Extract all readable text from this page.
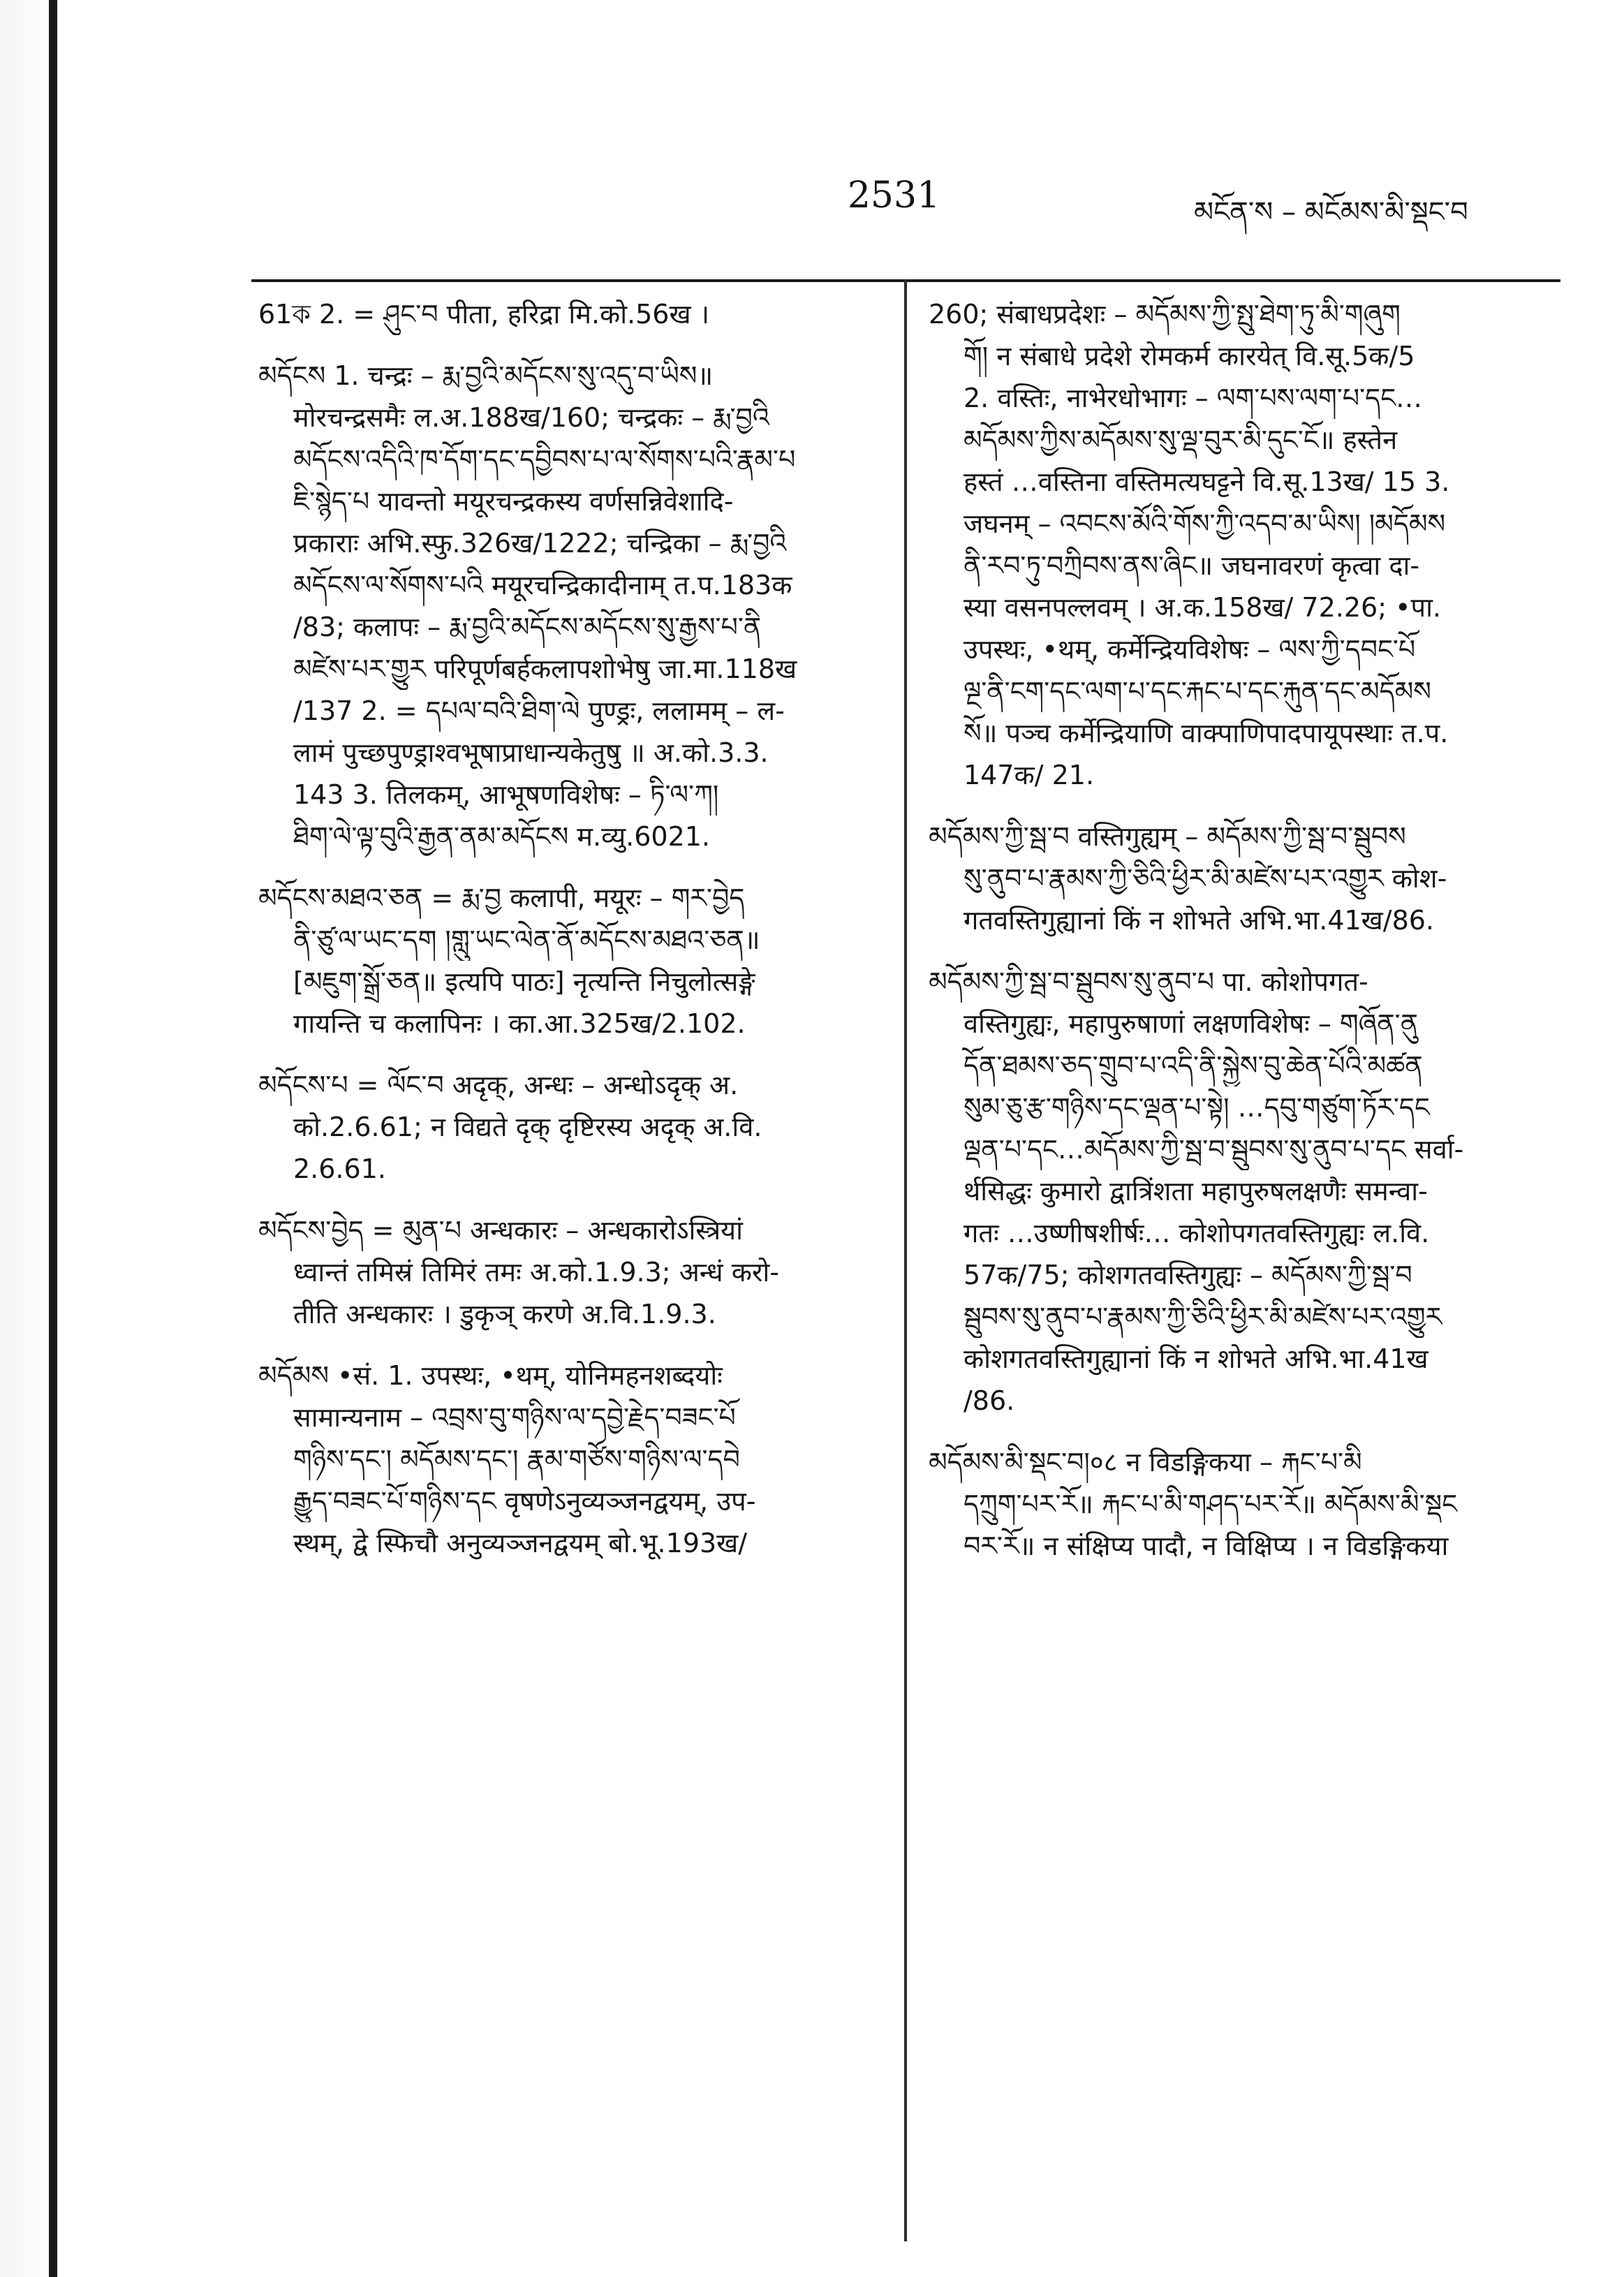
2531	མངོན་ས – མངོམས་མི་སྡང་བ
61ক 2. = ཤུང་བ पीता, हरिद्रा मि.को.56ख ।
མདོངས 1. चन्द्रः – རྨ་བྱའི་མདོངས་སུ་འདུ་བ་ཡིས॥
मोरचन्द्रसमैः ल.अ.188ख/160; चन्द्रकः – རྨ་བྱའི
མདོངས་འདིའི་ཁ་དོག་དང་དབྱིབས་པ་ལ་སོགས་པའི་རྣམ་པ
ཇི་སྙེད་པ यावन्तो मयूरचन्द्रकस्य वर्णसन्निवेशादि-
प्रकाराः अभि.स्फु.326ख/1222; चन्द्रिका – རྨ་བྱའི
མདོངས་ལ་སོགས་པའི मयूरचन्द्रिकादीनाम् त.प.183क
/83; कलापः – རྨ་བྱའི་མདོངས་མདོངས་སུ་རྒྱས་པ་ནི
མཛེས་པར་གྱུར परिपूर्णबर्हकलापशोभेषु जा.मा.118ख
/137 2. = དཔལ་བའི་ཐིག་ལེ पुण्ड्रः, ललामम् – ल-
लामं पुच्छपुण्ड्राश्वभूषाप्राधान्यकेतुषु ॥ अ.को.3.3.
143 3. तिलकम्, आभूषणविशेषः – ཏི་ལ་ཀ།
ཐིག་ལེ་ལྟ་བུའི་རྒྱན་ནམ་མདོངས म.व्यु.6021.
མདོངས་མཐའ་ཅན = རྨ་བྱ कलापी, मयूरः – གར་བྱེད
ནི་ཙུ་ལ་ཡང་དག །གླུ་ཡང་ལེན་ནོ་མདོངས་མཐའ་ཅན॥
[མཇུག་སྒྲོ་ཅན॥ इत्यपि पाठः] नृत्यन्ति निचुलोत्सङ्गे
गायन्ति च कलापिनः । का.आ.325ख/2.102.
མདོངས་པ = ལོང་བ अदृक्, अन्धः – अन्धोऽदृक् अ.
को.2.6.61; न विद्यते दृक् दृष्टिरस्य अदृक् अ.वि.
2.6.61.
མདོངས་བྱེད = མུན་པ अन्धकारः – अन्धकारोऽस्त्रियां
ध्वान्तं तमिस्रं तिमिरं तमः अ.को.1.9.3; अन्धं करो-
तीति अन्धकारः । डुकृञ् करणे अ.वि.1.9.3.
མདོམས •सं. 1. उपस्थः, •थम्, योनिमहनशब्दयोः
सामान्यनाम – འབྲས་བུ་གཉིས་ལ་དབྱེ་རྗེད་བཟང་པོ
གཉིས་དང་། མདོམས་དང་། རྣམ་གཙོས་གཉིས་ལ་དབེ
རྒྱུད་བཟང་པོ་གཉིས་དང वृषणेऽनुव्यञ्जनद्वयम्, उप-
स्थम्, द्वे स्फिचौ अनुव्यञ्जनद्वयम् बो.भू.193ख/
260; संबाधप्रदेशः – མདོམས་ཀྱི་སྤུ་ཐེག་ཏུ་མི་གཞུག
གོ། न संबाधे प्रदेशे रोमकर्म कारयेत् वि.सू.5क/5
2. वस्तिः, नाभेरधोभागः – ལག་པས་ལག་པ་དང…
མདོམས་ཀྱིས་མདོམས་སུ་ལྡ་བུར་མི་དུང་ངོ॥ हस्तेन
हस्तं …वस्तिना वस्तिमत्यघट्टने वि.सू.13ख/ 15 3.
जघनम् – འབངས་མོའི་གོས་ཀྱི་འདབ་མ་ཡིས། །མདོམས
ནི་རབ་ཏུ་བཀྲིབས་ནས་ཞིང॥ जघनावरणं कृत्वा दा-
स्या वसनपल्लवम् । अ.क.158ख/ 72.26; •पा.
उपस्थः, •थम्, कर्मेन्द्रियविशेषः – ལས་ཀྱི་དབང་པོ
ལྔ་ནི་ངག་དང་ལག་པ་དང་རྐང་པ་དང་རྐུན་དང་མདོམས
སོ॥ पञ्च कर्मेन्द्रियाणि वाक्पाणिपादपायूपस्थाः त.प.
147क/ 21.
མདོམས་ཀྱི་སྦ་བ वस्तिगुह्यम् – མདོམས་ཀྱི་སྦ་བ་སྦུབས
སུ་ནུབ་པ་རྣམས་ཀྱི་ཅིའི་ཕྱིར་མི་མཛེས་པར་འགྱུར कोश-
गतवस्तिगुह्यानां किं न शोभते अभि.भा.41ख/86.
མདོམས་ཀྱི་སྦ་བ་སྦུབས་སུ་ནུབ་པ पा. कोशोपगत-
वस्तिगुह्यः, महापुरुषाणां लक्षणविशेषः – གཞོན་ནུ
དོན་ཐམས་ཅད་གྲུབ་པ་འདི་ནི་སྐྱེས་བུ་ཆེན་པོའི་མཚན
སུམ་ཅུ་རྩ་གཉིས་དང་ལྡན་པ་སྟེ། …དབུ་གཙུག་ཏོར་དང
ལྡན་པ་དང…མདོམས་ཀྱི་སྦ་བ་སྦུབས་སུ་ནུབ་པ་དང सर्वा-
र्थसिद्धः कुमारो द्वात्रिंशता महापुरुषलक्षणैः समन्वा-
गतः …उष्णीषशीर्षः… कोशोपगतवस्तिगुह्यः ल.वि.
57क/75; कोशगतवस्तिगुह्यः – མདོམས་ཀྱི་སྦ་བ
སྦུབས་སུ་ནུབ་པ་རྣམས་ཀྱི་ཅིའི་ཕྱིར་མི་མཛེས་པར་འགྱུར
कोशगतवस्तिगुह्यानां किं न शोभते अभि.भा.41ख
/86.
མདོམས་མི་སྡང་བ།०८ न विडङ्गिकया – རྐང་པ་མི
དཀྲུག་པར་རོ॥ རྐང་པ་མི་གཤད་པར་རོ॥ མདོམས་མི་སྡང
བར་རོ॥ न संक्षिप्य पादौ, न विक्षिप्य । न विडङ्गिकया
